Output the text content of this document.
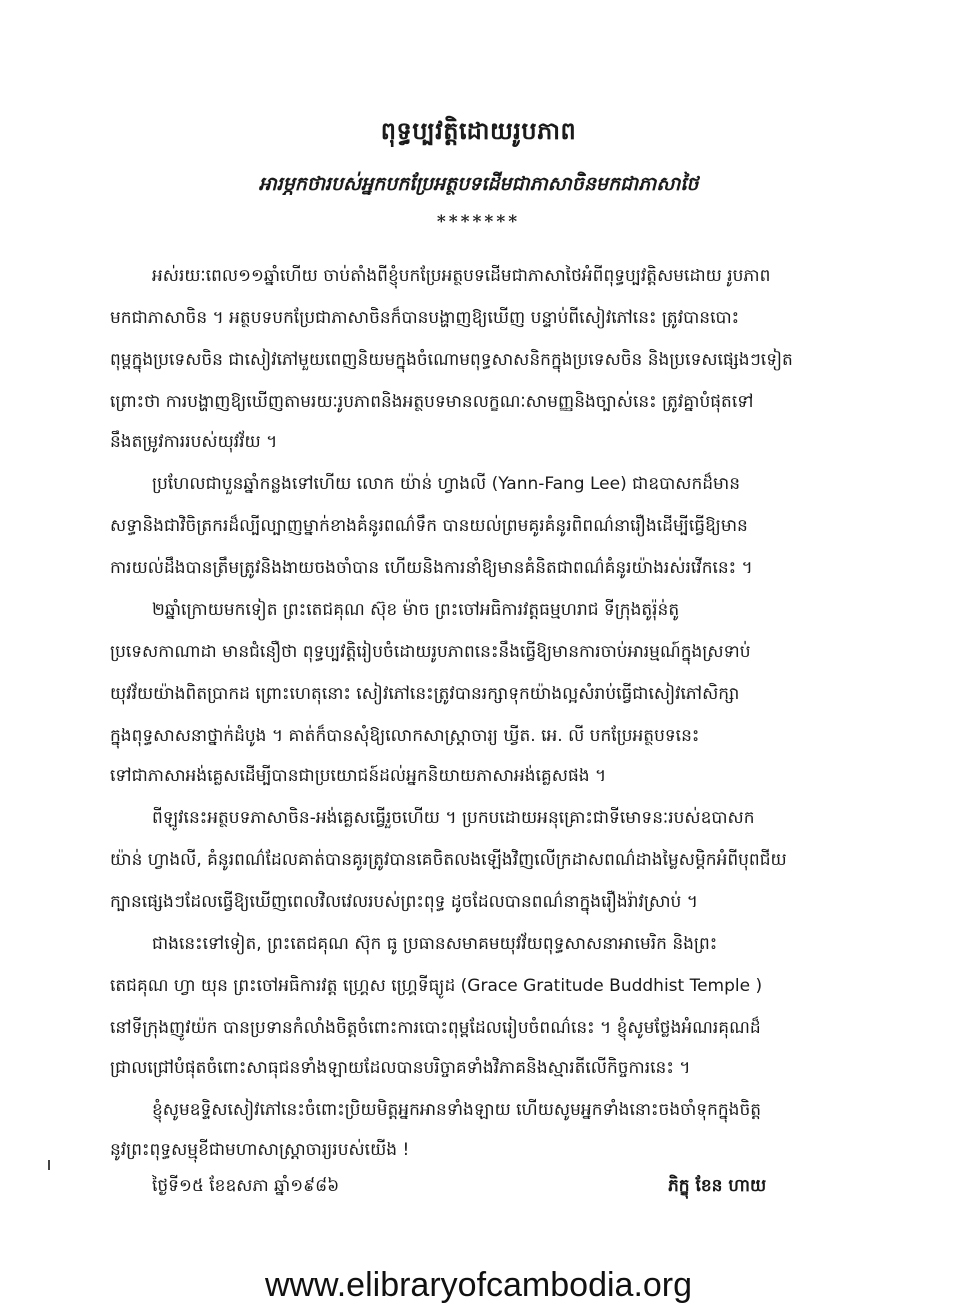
ពុទ្ធប្បវត្តិ​ដោយ​រូបភាព
អារម្ភកថារបស់អ្នកបកប្រែអត្ថបទដើមជាភាសាចិនមកជាភាសាថៃ
*******
អស់រយៈពេល១១ឆ្នាំហើយ ចាប់តាំងពីខ្ញុំបកប្រែអត្ថបទដើមជាភាសាថៃអំពីពុទ្ធប្បវត្តិសមដោយ រូបភាព
មកជាភាសាចិន ។ អត្ថបទបកប្រែជាភាសាចិនក៏បានបង្ហាញឱ្យឃើញ បន្ទាប់ពីសៀវភៅនេះ ត្រូវបានបោះ
ពុម្ពក្នុងប្រទេសចិន ជាសៀវភៅមួយពេញនិយមក្នុងចំណោមពុទ្ធសាសនិកក្នុងប្រទេសចិន និងប្រទេសផ្សេងៗទៀត
ព្រោះថា ការបង្ហាញឱ្យឃើញតាមរយៈរូបភាពនិងអត្ថបទមានលក្ខណៈសាមញ្ញនិងច្បាស់នេះ ត្រូវគ្នាបំផុតទៅ
នឹងតម្រូវការរបស់យុវវ័យ ។
ប្រហែលជាបួនឆ្នាំកន្លងទៅហើយ លោក យ៉ាន់ ហ្វាងលី (Yann-Fang Lee) ជាឧបាសកដ៏មាន
សទ្ធានិងជាវិចិត្រករដ៏ល្បីល្បាញម្នាក់ខាងគំនូរពណ៌ទឹក បានយល់ព្រមគូរគំនូរពិពណ៌នារឿងដើម្បីធ្វើឱ្យមាន
ការយល់ដឹងបានត្រឹមត្រូវនិងងាយចងចាំបាន ហើយនិងការនាំឱ្យមានគំនិតជាពណ៌គំនូរយ៉ាងរស់រវើកនេះ ។
២ឆ្នាំក្រោយមកទៀត ព្រះតេជគុណ ស៊ុខ ម៉ាច ព្រះចៅអធិការវត្តធម្មហរាជ ទីក្រុងតូរ៉ុន់តូ
ប្រទេសកាណាដា មានជំនឿថា ពុទ្ធប្បវត្តិរៀបចំដោយរូបភាពនេះនឹងធ្វើឱ្យមានការចាប់អារម្មណ៍ក្នុងស្រទាប់
យុវវ័យយ៉ាងពិតប្រាកដ ព្រោះហេតុនោះ សៀវភៅនេះត្រូវបានរក្សាទុកយ៉ាងល្អសំរាប់ធ្វើជាសៀវភៅសិក្សា
ក្នុងពុទ្ធសាសនាថ្នាក់ដំបូង ។ គាត់ក៏បានសុំឱ្យលោកសាស្ត្រាចារ្យ ឃ្វីត. អេ. លី បកប្រែអត្ថបទនេះ
ទៅជាភាសាអង់គ្លេសដើម្បីបានជាប្រយោជន៍ដល់អ្នកនិយាយភាសាអង់គ្លេសផង ។
ពីឡូវនេះអត្ថបទភាសាចិន-អង់គ្លេសធ្វើរួចហើយ ។ ប្រកបដោយអនុគ្រោះជាទីមោទនៈរបស់ឧបាសក
យ៉ាន់ ហ្វាងលី, គំនូរពណ៌ដែលគាត់បានគូរត្រូវបានគេចិតលងឡើងវិញលើក្រដាសពណ៌ដាងម្លៃសម្តិកអំពីបុពជីយ
ក្បានផ្សេងៗដែលធ្វើឱ្យឃើញពេលវិលវេលរបស់ព្រះពុទ្ធ ដូចដែលបានពណ៌នាក្នុងរឿងរ៉ាវស្រាប់ ។
ជាងនេះទៅទៀត, ព្រះតេជគុណ ស៊ុក ធូ ប្រធានសមាគមយុវវ័យពុទ្ធសាសនាអាមេរិក និងព្រះ
តេជគុណ ហ្វា យុន ព្រះចៅអធិការវត្ត ហ្គ្រេស ហ្គ្រេទីធ្យូដ (Grace Gratitude Buddhist Temple )
នៅទីក្រុងញូវយ៉ក បានប្រទានកំលាំងចិត្តចំពោះការបោះពុម្ពដែលរៀបចំពណ៌នេះ ។ ខ្ញុំសូមថ្លែងអំណរគុណដ៏
ជ្រាលជ្រៅបំផុតចំពោះសាធុជនទាំងឡាយដែលបានបរិច្ចាគទាំងវិភាគនិងស្មារតីលើកិច្ចការនេះ ។
ខ្ញុំសូមឧទ្ទិសសៀវភៅនេះចំពោះប្រិយមិត្តអ្នកអានទាំងឡាយ ហើយសូមអ្នកទាំងនោះចងចាំទុកក្នុងចិត្ត
នូវព្រះពុទ្ធសម្មុខីជាមហាសាស្ត្រាចារ្យរបស់យើង !
ថ្ងៃទី១៥ ខែឧសភា ឆ្នាំ១៩៨៦	ភិក្ខុ ខែន ហាយ
www.elibraryofcambodia.org
